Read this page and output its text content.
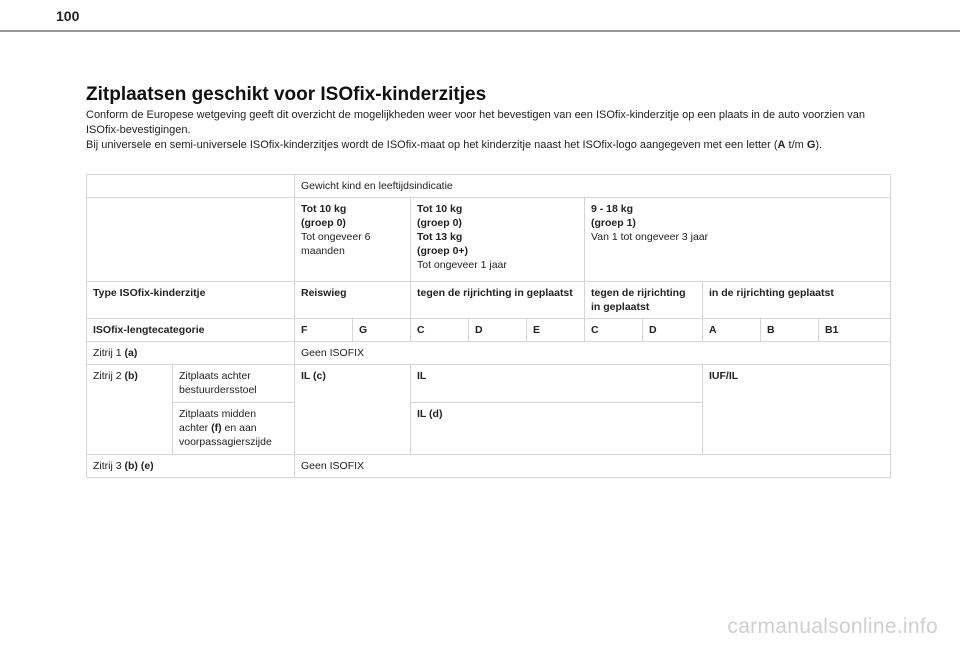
100
Zitplaatsen geschikt voor ISOfix-kinderzitjes

Conform de Europese wetgeving geeft dit overzicht de mogelijkheden weer voor het bevestigen van een ISOfix-kinderzitje op een plaats in de auto voorzien van ISOfix-bevestigingen.

Bij universele en semi-universele ISOfix-kinderzitjes wordt de ISOfix-maat op het kinderzitje naast het ISOfix-logo aangegeven met een letter (A t/m G).

		Gewicht kind en leeftijdsindicatie									

		Tot 10 kg
(groep 0)
Tot ongeveer 6 maanden		Tot 10 kg
(groep 0)
Tot 13 kg
(groep 0+)
Tot ongeveer 1 jaar			9 - 18 kg
(groep 1)
Van 1 tot ongeveer 3 jaar				

Type ISOfix-kinderzitje		Reiswieg		tegen de rijrichting in geplaatst			tegen de rijrichting in geplaatst		in de rijrichting geplaatst		
ISOfix-lengtecategorie		F	G	C	D	E	C	D	A	B	B1
Zitrij 1 (a)		Geen ISOFIX									
Zitrij 2 (b)	Zitplaats achter bestuurdersstoel	IL (c)		IL					IUF/IL		
	Zitplaats midden achter (f) en aan voorpassagierszijde			IL (d)							
Zitrij 3 (b) (e)		Geen ISOFIX									
carmanualsonline.info
